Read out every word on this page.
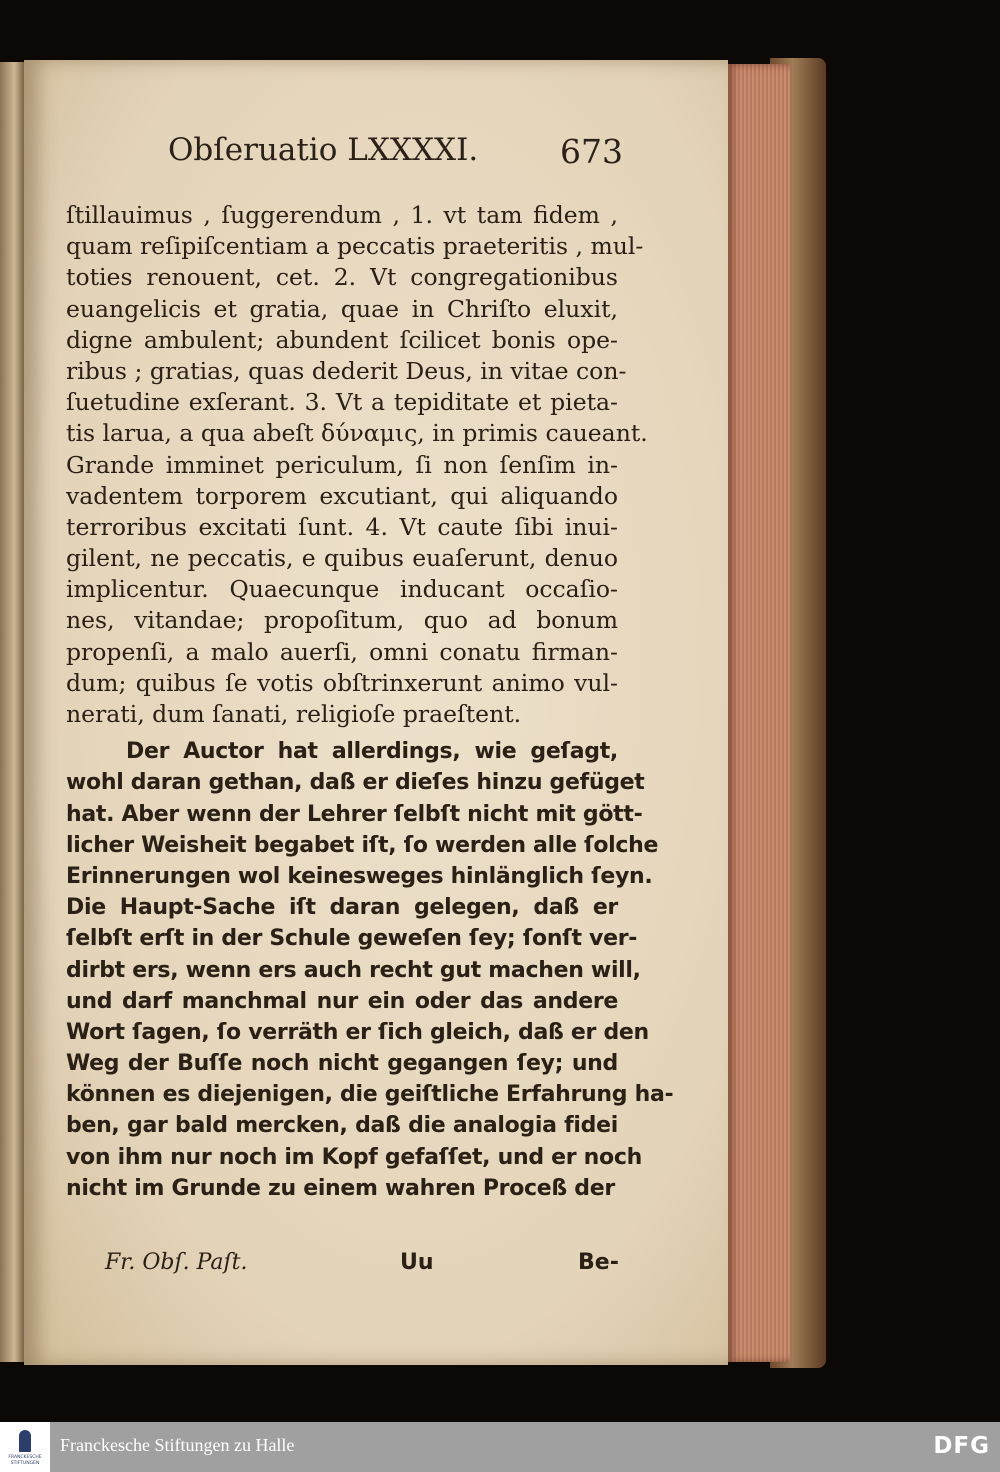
Obſeruatio LXXXXI. 673
ſtillauimus , ſuggerendum , 1. vt tam fidem ,
quam reſipiſcentiam a peccatis praeteritis , mul-
toties renouent, cet. 2. Vt congregationibus
euangelicis et gratia, quae in Chriſto eluxit,
digne ambulent; abundent ſcilicet bonis ope-
ribus ; gratias, quas dederit Deus, in vitae con-
ſuetudine exſerant. 3. Vt a tepiditate et pieta-
tis larua, a qua abeſt δύναμις, in primis caueant.
Grande imminet periculum, ſi non ſenſim in-
vadentem torporem excutiant, qui aliquando
terroribus excitati ſunt. 4. Vt caute ſibi inui-
gilent, ne peccatis, e quibus euaſerunt, denuo
implicentur. Quaecunque inducant occaſio-
nes, vitandae; propoſitum, quo ad bonum
propenſi, a malo auerſi, omni conatu firman-
dum; quibus ſe votis obſtrinxerunt animo vul-
nerati, dum ſanati, religioſe praeſtent.
Der Auctor hat allerdings, wie geſagt,
wohl daran gethan, daß er dieſes hinzu gefüget
hat. Aber wenn der Lehrer ſelbſt nicht mit gött-
licher Weisheit begabet iſt, ſo werden alle ſolche
Erinnerungen wol keinesweges hinlänglich ſeyn.
Die Haupt-Sache iſt daran gelegen, daß er
ſelbſt erſt in der Schule geweſen ſey; ſonſt ver-
dirbt ers, wenn ers auch recht gut machen will,
und darf manchmal nur ein oder das andere
Wort ſagen, ſo verräth er ſich gleich, daß er den
Weg der Buſſe noch nicht gegangen ſey; und
können es diejenigen, die geiſtliche Erfahrung ha-
ben, gar bald mercken, daß die analogia fidei
von ihm nur noch im Kopf gefaſſet, und er noch
nicht im Grunde zu einem wahren Proceß der
Fr. Obſ. Paſt.	Uu	Be-
FRANCKESCHE STIFTUNGEN
Franckesche Stiftungen zu Halle	DFG
